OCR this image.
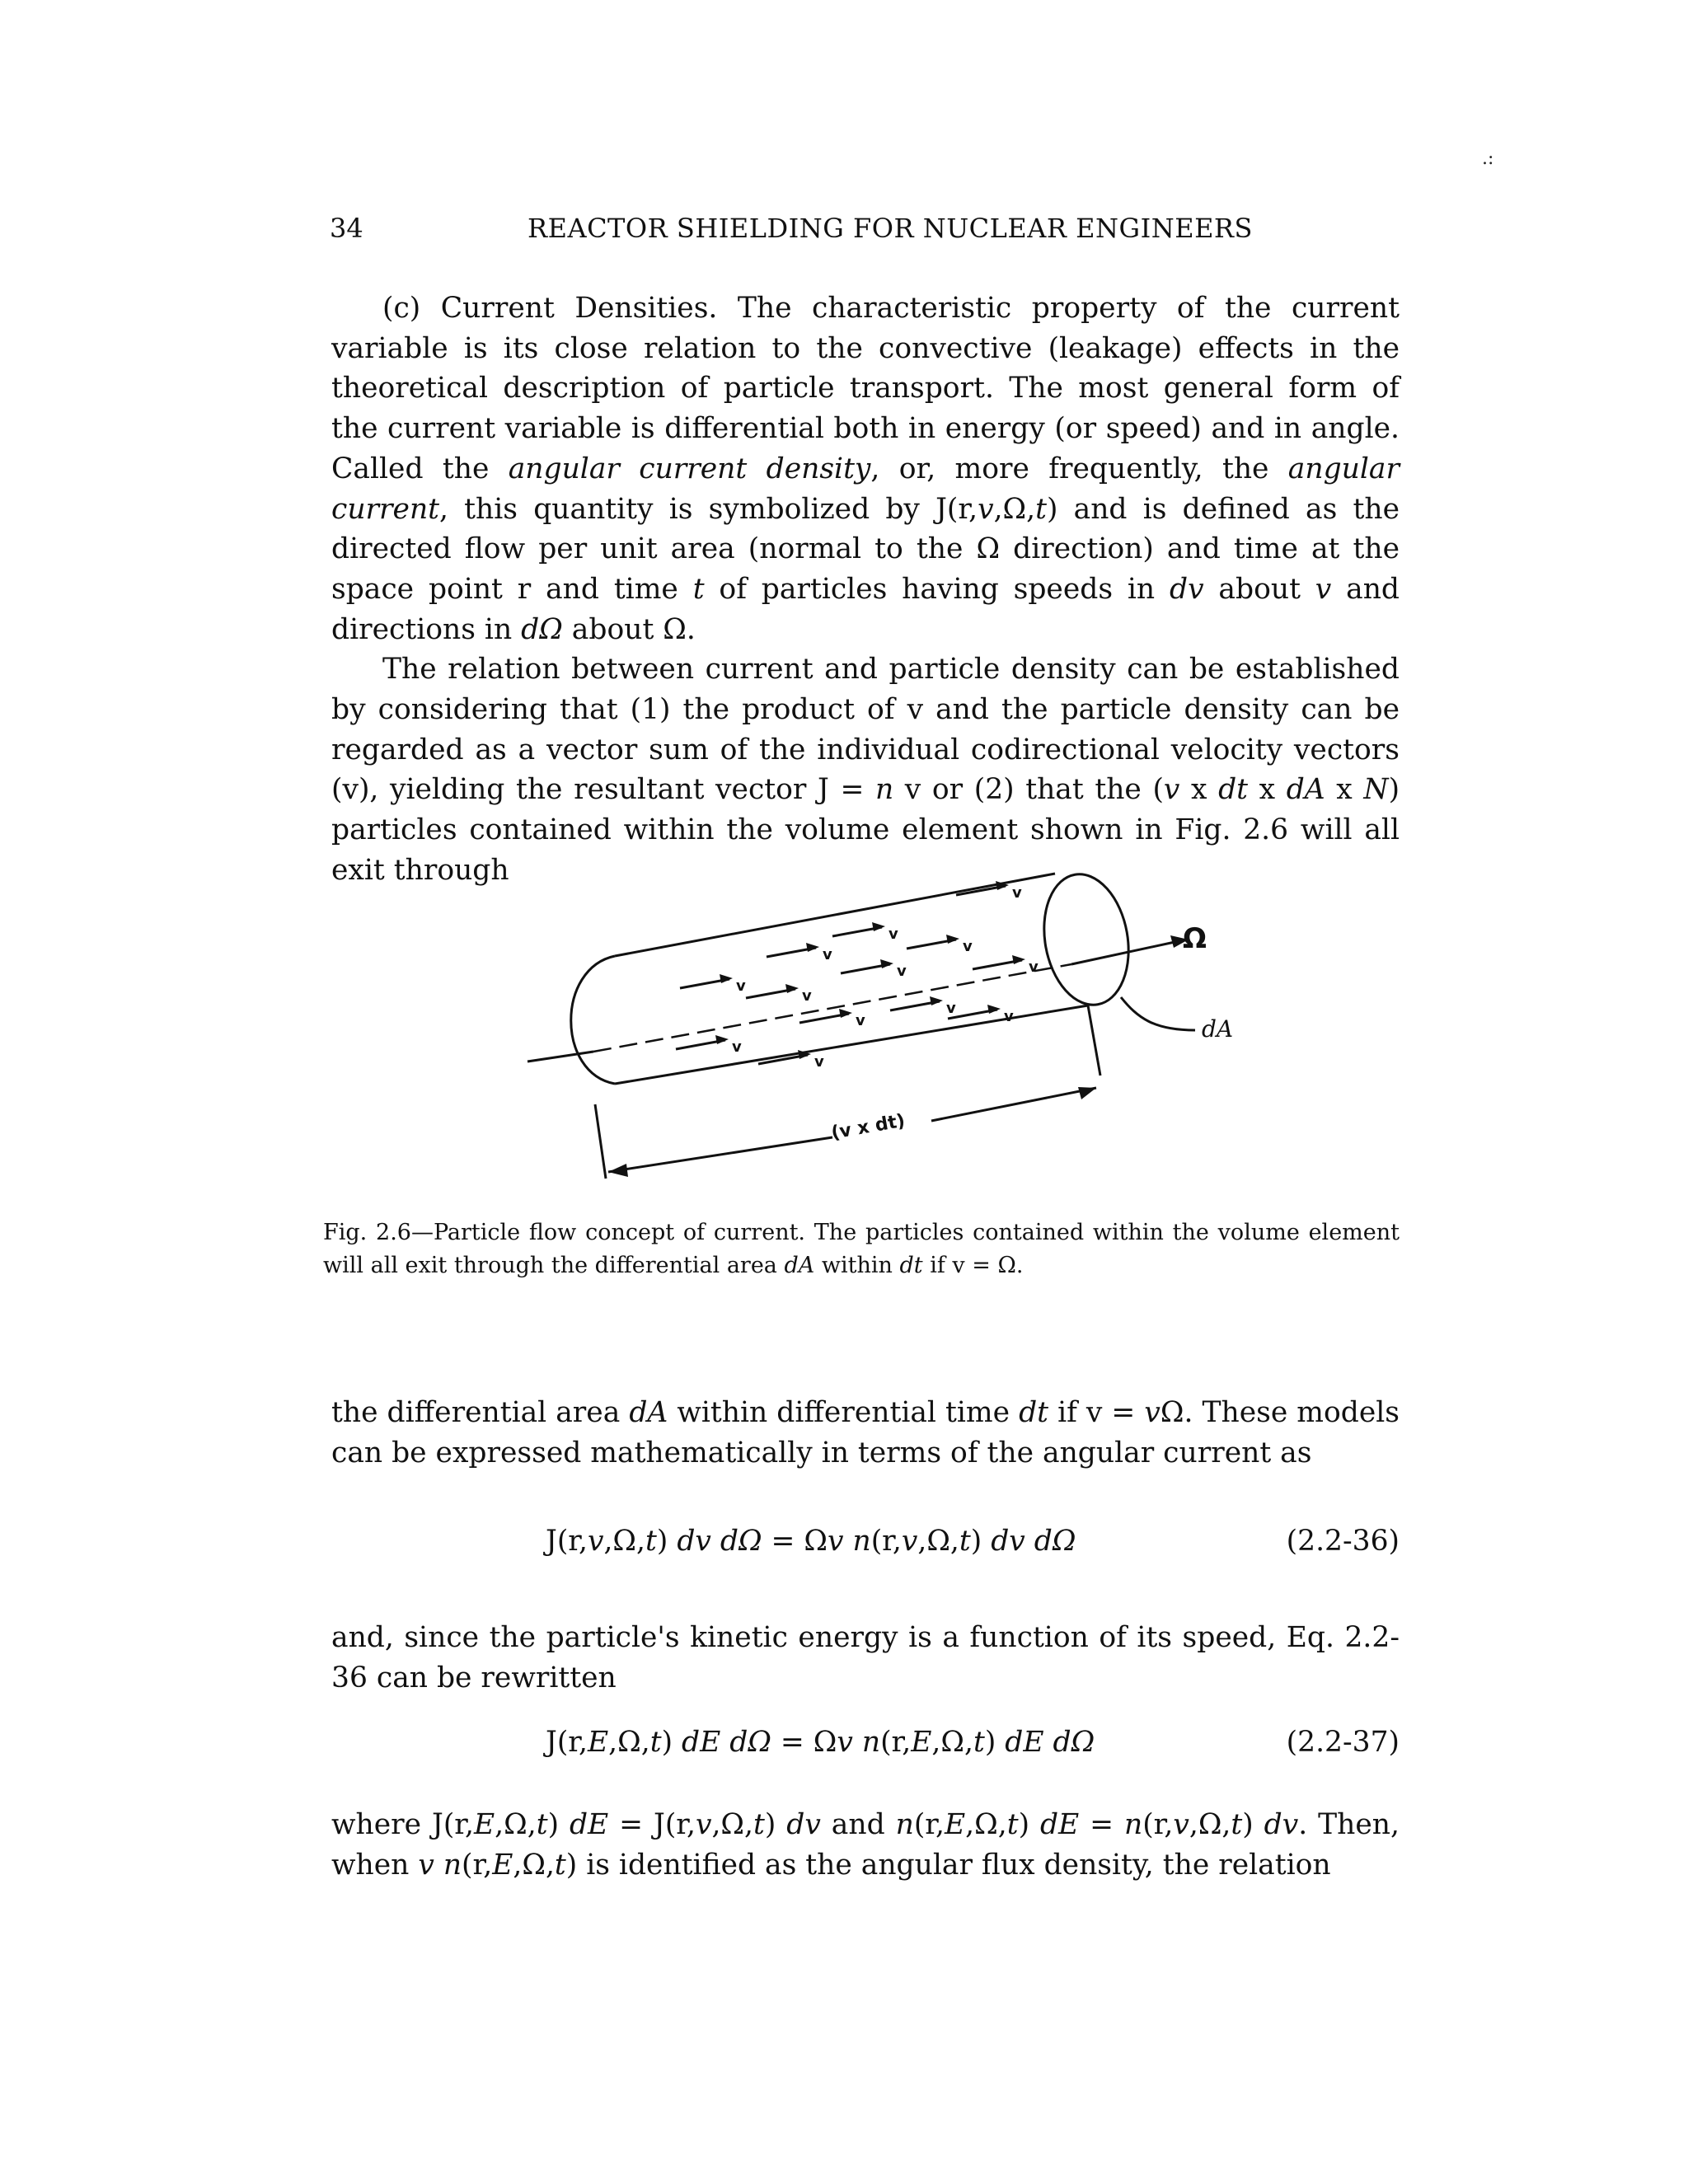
34	REACTOR SHIELDING FOR NUCLEAR ENGINEERS

(c) Current Densities. The characteristic property of the current variable is its close relation to the convective (leakage) effects in the theoretical description of particle transport. The most general form of the current variable is differential both in energy (or speed) and in angle. Called the angular current density, or, more frequently, the angular current, this quantity is symbolized by J(r,v,Ω,t) and is defined as the directed flow per unit area (normal to the Ω direction) and time at the space point r and time t of particles having speeds in dv about v and directions in dΩ about Ω.

The relation between current and particle density can be established by considering that (1) the product of v and the particle density can be regarded as a vector sum of the individual codirectional velocity vectors (v), yielding the resultant vector J = n v or (2) that the (v x dt x dA x N) particles contained within the volume element shown in Fig. 2.6 will all exit through

v
v
v
v
v
v
v
v
v
v
v
v
v
Ω
dA
(v x dt)

Fig. 2.6—Particle flow concept of current. The particles contained within the volume element will all exit through the differential area dA within dt if v = Ω.

the differential area dA within differential time dt if v = vΩ. These models can be expressed mathematically in terms of the angular current as

J(r,v,Ω,t) dv dΩ = Ωv n(r,v,Ω,t) dv dΩ	(2.2-36)

and, since the particle's kinetic energy is a function of its speed, Eq. 2.2-36 can be rewritten

J(r,E,Ω,t) dE dΩ = Ωv n(r,E,Ω,t) dE dΩ	(2.2-37)

where J(r,E,Ω,t) dE = J(r,v,Ω,t) dv and n(r,E,Ω,t) dE = n(r,v,Ω,t) dv. Then, when v n(r,E,Ω,t) is identified as the angular flux density, the relation

.:
